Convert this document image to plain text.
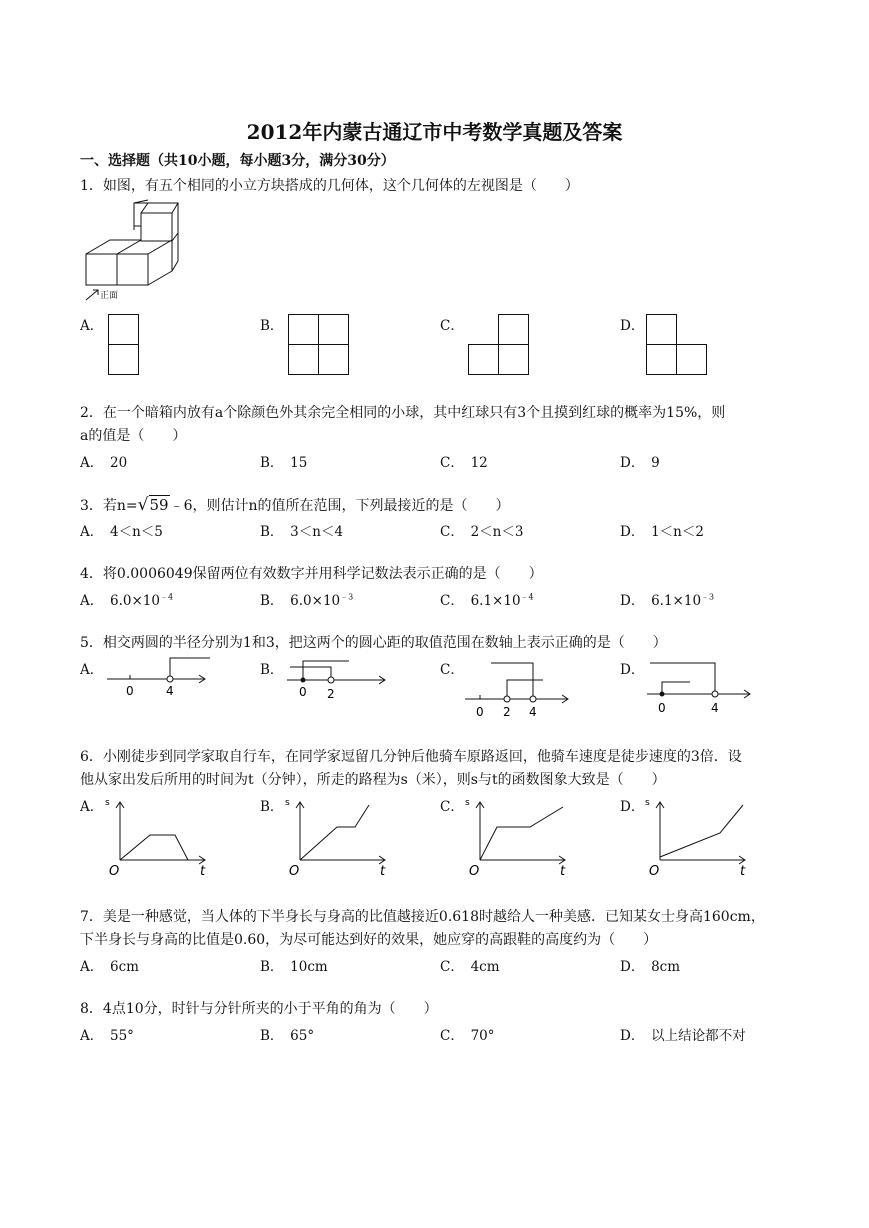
2012年内蒙古通辽市中考数学真题及答案
一、选择题（共10小题，每小题3分，满分30分）
1．如图，有五个相同的小立方块搭成的几何体，这个几何体的左视图是（　　）
正面
A．	B．	C．	D．
2．在一个暗箱内放有a个除颜色外其余完全相同的小球，其中红球只有3个且摸到红球的概率为15%，则
a的值是（　　）
A．　20	B．　15	C．　12	D．　9
3．若n=√59﹣6，则估计n的值所在范围，下列最接近的是（　　）
A．　4＜n＜5	B．　3＜n＜4	C．　2＜n＜3	D．　1＜n＜2
4．将0.0006049保留两位有效数字并用科学记数法表示正确的是（　　）
A．　$6.0\times 10^{﹣4}$	B．　$6.0\times 10^{﹣3}$	C．　$6.1\times 10^{﹣4}$	D．　$6.1\times 10^{﹣3}$
5．相交两圆的半径分别为1和3，把这两个的圆心距的取值范围在数轴上表示正确的是（　　）
A．
0	4
B．
0 2
C．
0 2 4
D．
0	4
6．小刚徒步到同学家取自行车，在同学家逗留几分钟后他骑车原路返回，他骑车速度是徒步速度的3倍．设
他从家出发后所用的时间为t（分钟），所走的路程为s（米），则s与t的函数图象大致是（　　）
A． s
O	t
B． s
O	t
C． s
O	t
D． s
O	t
7．美是一种感觉，当人体的下半身长与身高的比值越接近0.618时越给人一种美感．已知某女士身高160cm，
下半身长与身高的比值是0.60，为尽可能达到好的效果，她应穿的高跟鞋的高度约为（　　）
A．　6cm	B．　10cm	C．　4cm	D．　8cm
8．4点10分，时针与分针所夹的小于平角的角为（　　）
A．　55°	B．　65°	C．　70°	D．　以上结论都不对
